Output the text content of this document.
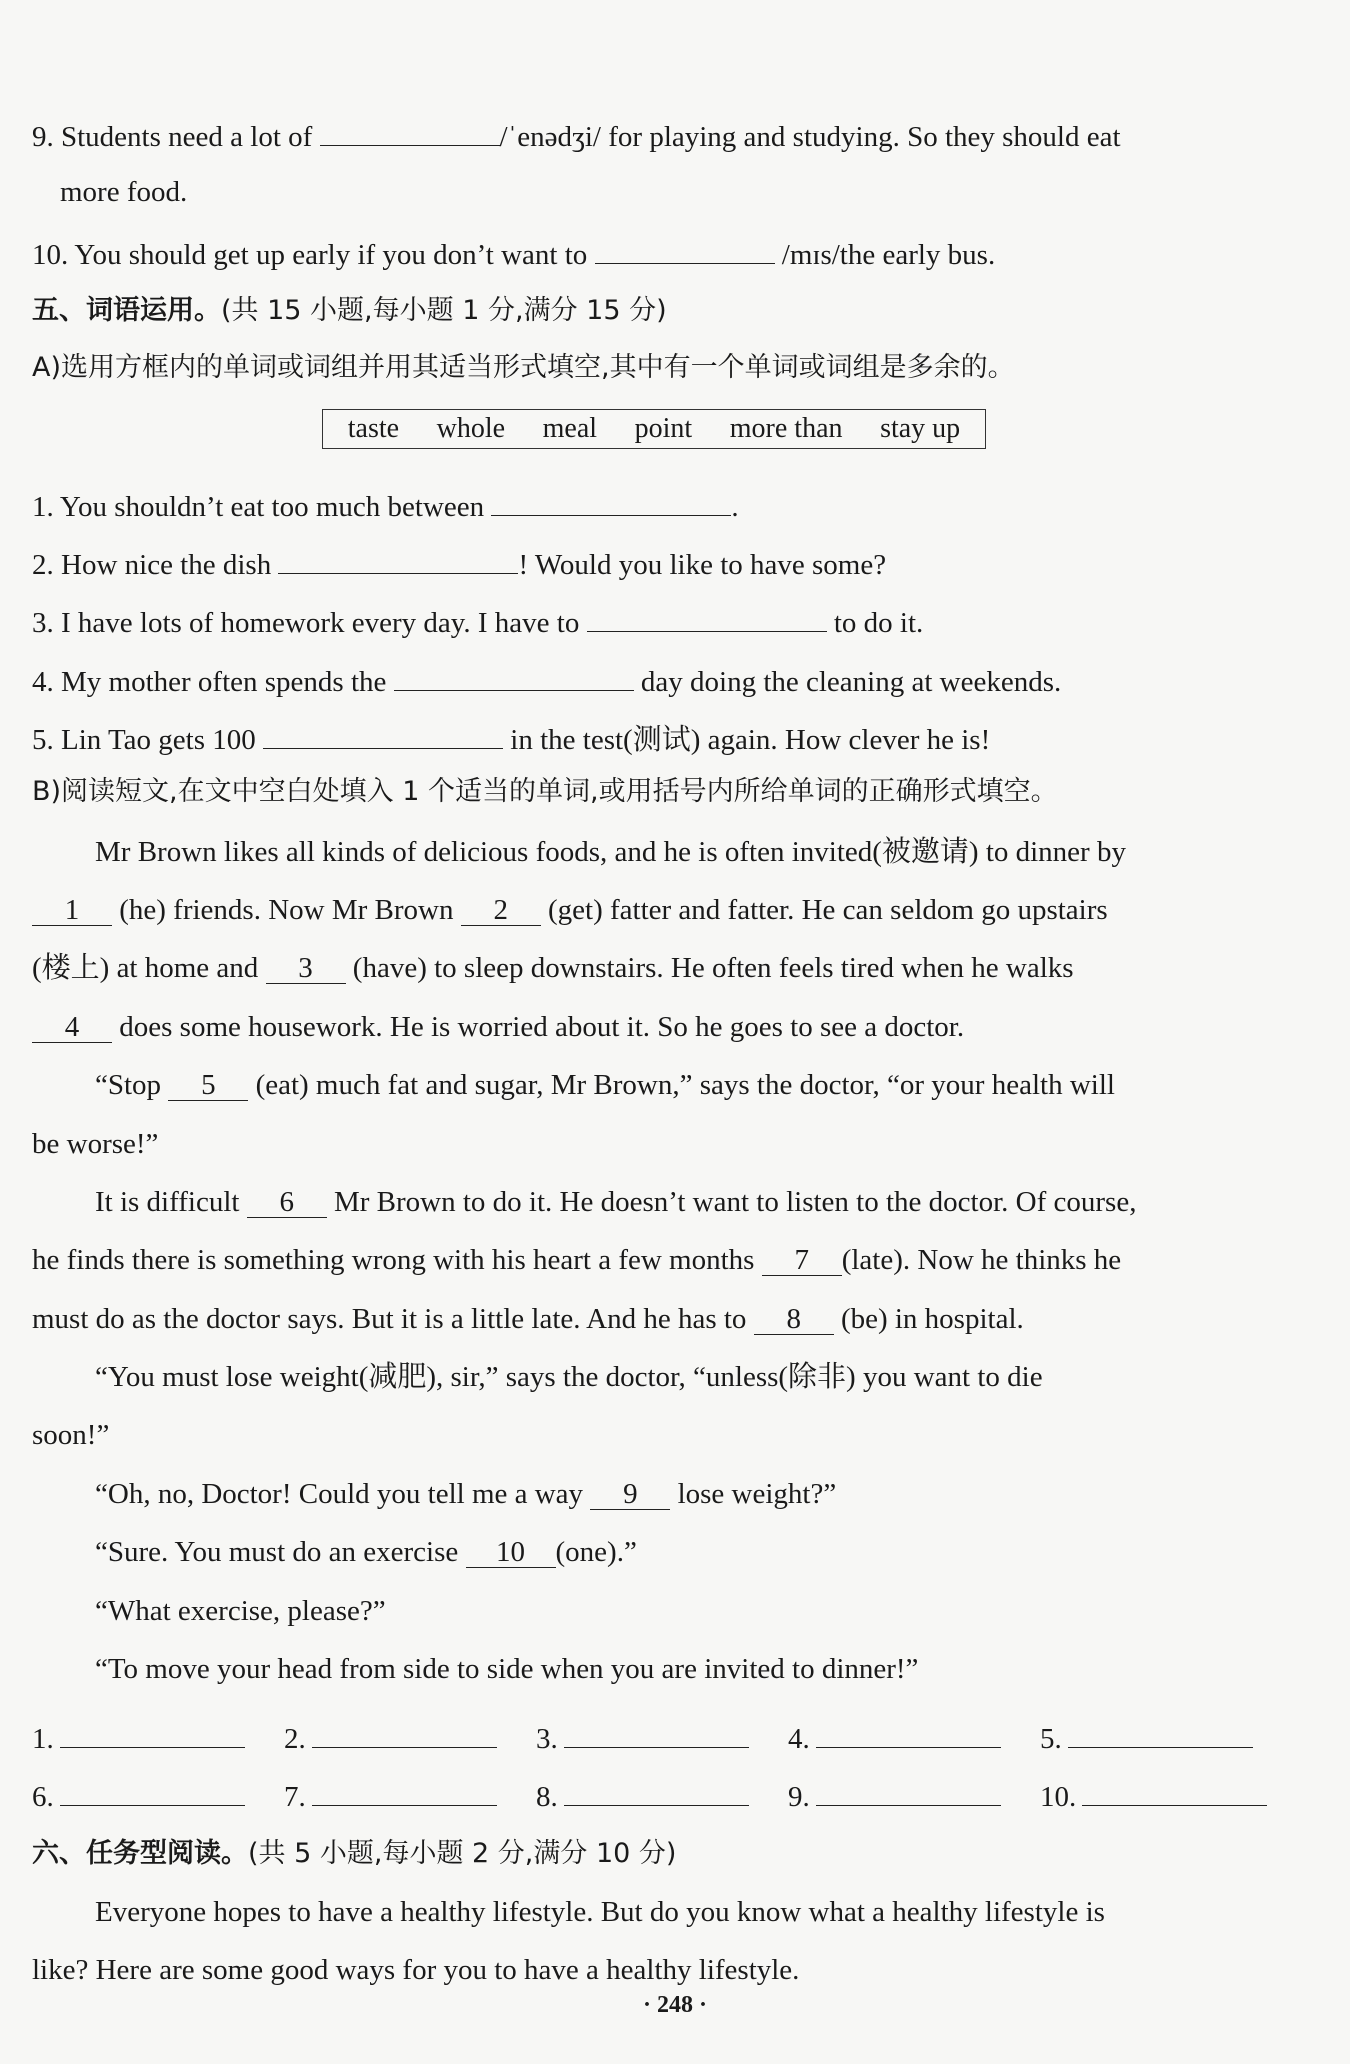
9. Students need a lot of	/ˈenədʒi/ for playing and studying. So they should eat
more food.
10. You should get up early if you don’t want to	/mɪs/the early bus.
五、词语运用。(共 15 小题,每小题 1 分,满分 15 分)
A)选用方框内的单词或词组并用其适当形式填空,其中有一个单词或词组是多余的。
taste whole meal point more than stay up
1. You shouldn’t eat too much between	.
2. How nice the dish	! Would you like to have some?
3. I have lots of homework every day. I have to	to do it.
4. My mother often spends the	day doing the cleaning at weekends.
5. Lin Tao gets 100	in the test(测试) again. How clever he is!
B)阅读短文,在文中空白处填入 1 个适当的单词,或用括号内所给单词的正确形式填空。
Mr Brown likes all kinds of delicious foods, and he is often invited(被邀请) to dinner by
1 (he) friends. Now Mr Brown 2 (get) fatter and fatter. He can seldom go upstairs
(楼上) at home and 3 (have) to sleep downstairs. He often feels tired when he walks
4 does some housework. He is worried about it. So he goes to see a doctor.
“Stop 5 (eat) much fat and sugar, Mr Brown,” says the doctor, “or your health will
be worse!”
It is difficult 6 Mr Brown to do it. He doesn’t want to listen to the doctor. Of course,
he finds there is something wrong with his heart a few months 7 (late). Now he thinks he
must do as the doctor says. But it is a little late. And he has to 8 (be) in hospital.
“You must lose weight(减肥), sir,” says the doctor, “unless(除非) you want to die
soon!”
“Oh, no, Doctor! Could you tell me a way 9 lose weight?”
“Sure. You must do an exercise 10 (one).”
“What exercise, please?”
“To move your head from side to side when you are invited to dinner!”
1.	2.	3.	4.	5.
6.	7.	8.	9.	10.
六、任务型阅读。(共 5 小题,每小题 2 分,满分 10 分)
Everyone hopes to have a healthy lifestyle. But do you know what a healthy lifestyle is
like? Here are some good ways for you to have a healthy lifestyle.
· 248 ·
